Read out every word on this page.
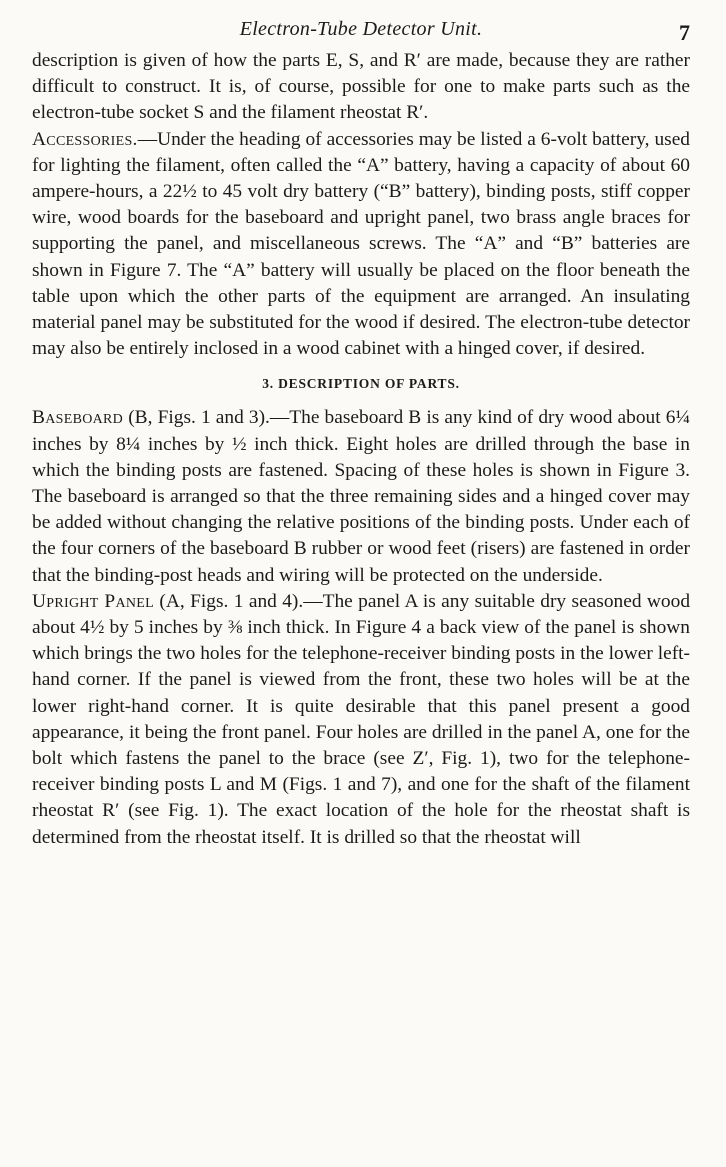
Electron-Tube Detector Unit.	7

description is given of how the parts E, S, and R′ are made, because they are rather difficult to construct. It is, of course, possible for one to make parts such as the electron-tube socket S and the filament rheostat R′.

Accessories.—Under the heading of accessories may be listed a 6-volt battery, used for lighting the filament, often called the “A” battery, having a capacity of about 60 ampere-hours, a 22½ to 45 volt dry battery (“B” battery), binding posts, stiff copper wire, wood boards for the baseboard and upright panel, two brass angle braces for supporting the panel, and miscellaneous screws. The “A” and “B” batteries are shown in Figure 7. The “A” battery will usually be placed on the floor beneath the table upon which the other parts of the equipment are arranged. An insulating material panel may be substituted for the wood if desired. The electron-tube detector may also be entirely inclosed in a wood cabinet with a hinged cover, if desired.

3. DESCRIPTION OF PARTS.

Baseboard (B, Figs. 1 and 3).—The baseboard B is any kind of dry wood about 6¼ inches by 8¼ inches by ½ inch thick. Eight holes are drilled through the base in which the binding posts are fastened. Spacing of these holes is shown in Figure 3. The baseboard is arranged so that the three remaining sides and a hinged cover may be added without changing the relative positions of the binding posts. Under each of the four corners of the baseboard B rubber or wood feet (risers) are fastened in order that the binding-post heads and wiring will be protected on the underside.

Upright Panel (A, Figs. 1 and 4).—The panel A is any suitable dry seasoned wood about 4½ by 5 inches by ⅜ inch thick. In Figure 4 a back view of the panel is shown which brings the two holes for the telephone-receiver binding posts in the lower left-hand corner. If the panel is viewed from the front, these two holes will be at the lower right-hand corner. It is quite desirable that this panel present a good appearance, it being the front panel. Four holes are drilled in the panel A, one for the bolt which fastens the panel to the brace (see Z′, Fig. 1), two for the telephone-receiver binding posts L and M (Figs. 1 and 7), and one for the shaft of the filament rheostat R′ (see Fig. 1). The exact location of the hole for the rheostat shaft is determined from the rheostat itself. It is drilled so that the rheostat will
